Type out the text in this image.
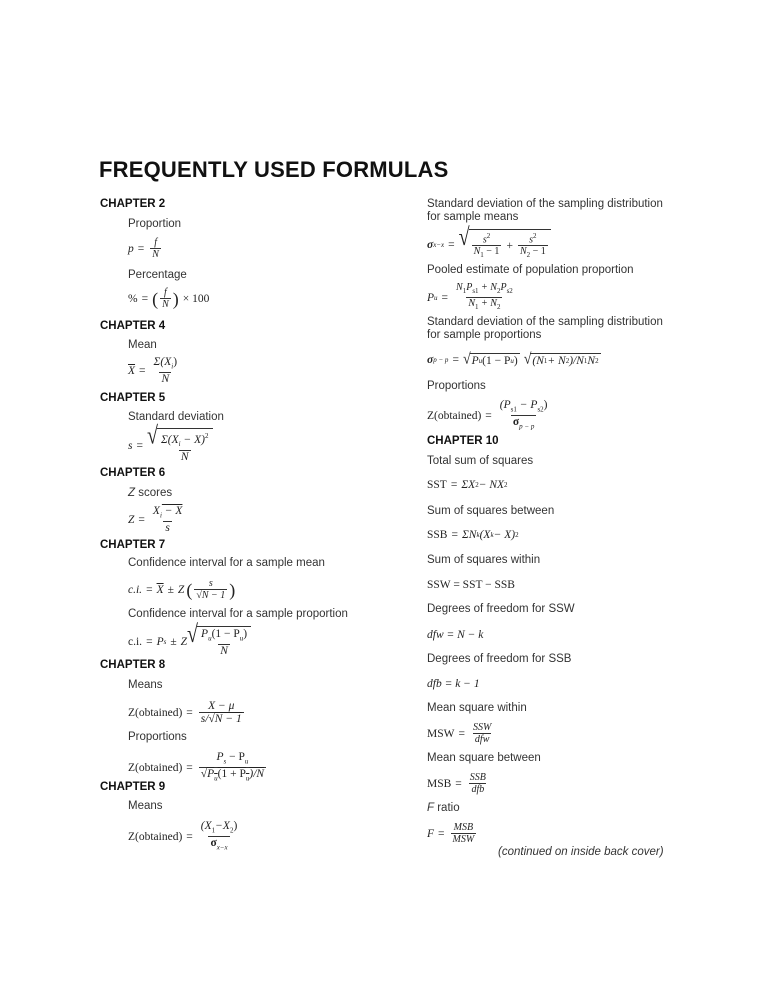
FREQUENTLY USED FORMULAS
CHAPTER 2
Proportion
$p = \frac{f}{N}$
Percentage
% = ( $\frac{f}{N}$ ) × 100
CHAPTER 4
Mean
$\overline{X} = \frac{\Sigma(X_i)}{N}$
CHAPTER 5
Standard deviation
s = √ $\frac{\Sigma(X_i - X)^2}{N}$
CHAPTER 6
Z scores
$Z = \frac{X_i - X}{s}$
CHAPTER 7
Confidence interval for a sample mean
c.i. = $\overline{X} \pm Z$ ( $\frac{s}{√N - 1}$ )
Confidence interval for a sample proportion
c.i. = P s ± Z √ $\frac{P_u(1 - P_u)}{N}$
CHAPTER 8
Means
Z(obtained) = $\frac{X - \mu}{s/√N - 1}$
Proportions
Z(obtained) = $\frac{P_s - P_u}{√P_u(1 + P_u)/N}$
CHAPTER 9
Means
Z(obtained) = $\frac{(X_1-X_2)}{\sigma_{x-x}}$
Standard deviation of the sampling distribution
for sample means
σ x−x = √ $\frac{s^2}{N_1 - 1} + \frac{s^2}{N_2 - 1}$
Pooled estimate of population proportion
P $u = \frac{N_1P_{s1} + N_2P_{s2}}{N_1 + N_2}$
Standard deviation of the sampling distribution
for sample proportions
σ p − p = √ P u (1 − P u ) √ (N 1 + N 2 )/N 1 N 2
Proportions
Z(obtained) = $\frac{(P_{s1} - P_{s2})}{\sigma_{p - p}}$
CHAPTER 10
Total sum of squares
SST = ΣX 2 − NX 2
Sum of squares between
SSB = ΣN k (X k − X) 2
Sum of squares within
SSW = SST − SSB
Degrees of freedom for SSW
dfw = N − k
Degrees of freedom for SSB
dfb = k − 1
Mean square within
MSW = $\frac{\text{SSW}}{\text{dfw}}$
Mean square between
MSB = $\frac{\text{SSB}}{\text{dfb}}$
F ratio
$F = \frac{\text{MSB}}{\text{MSW}}$
(continued on inside back cover)
